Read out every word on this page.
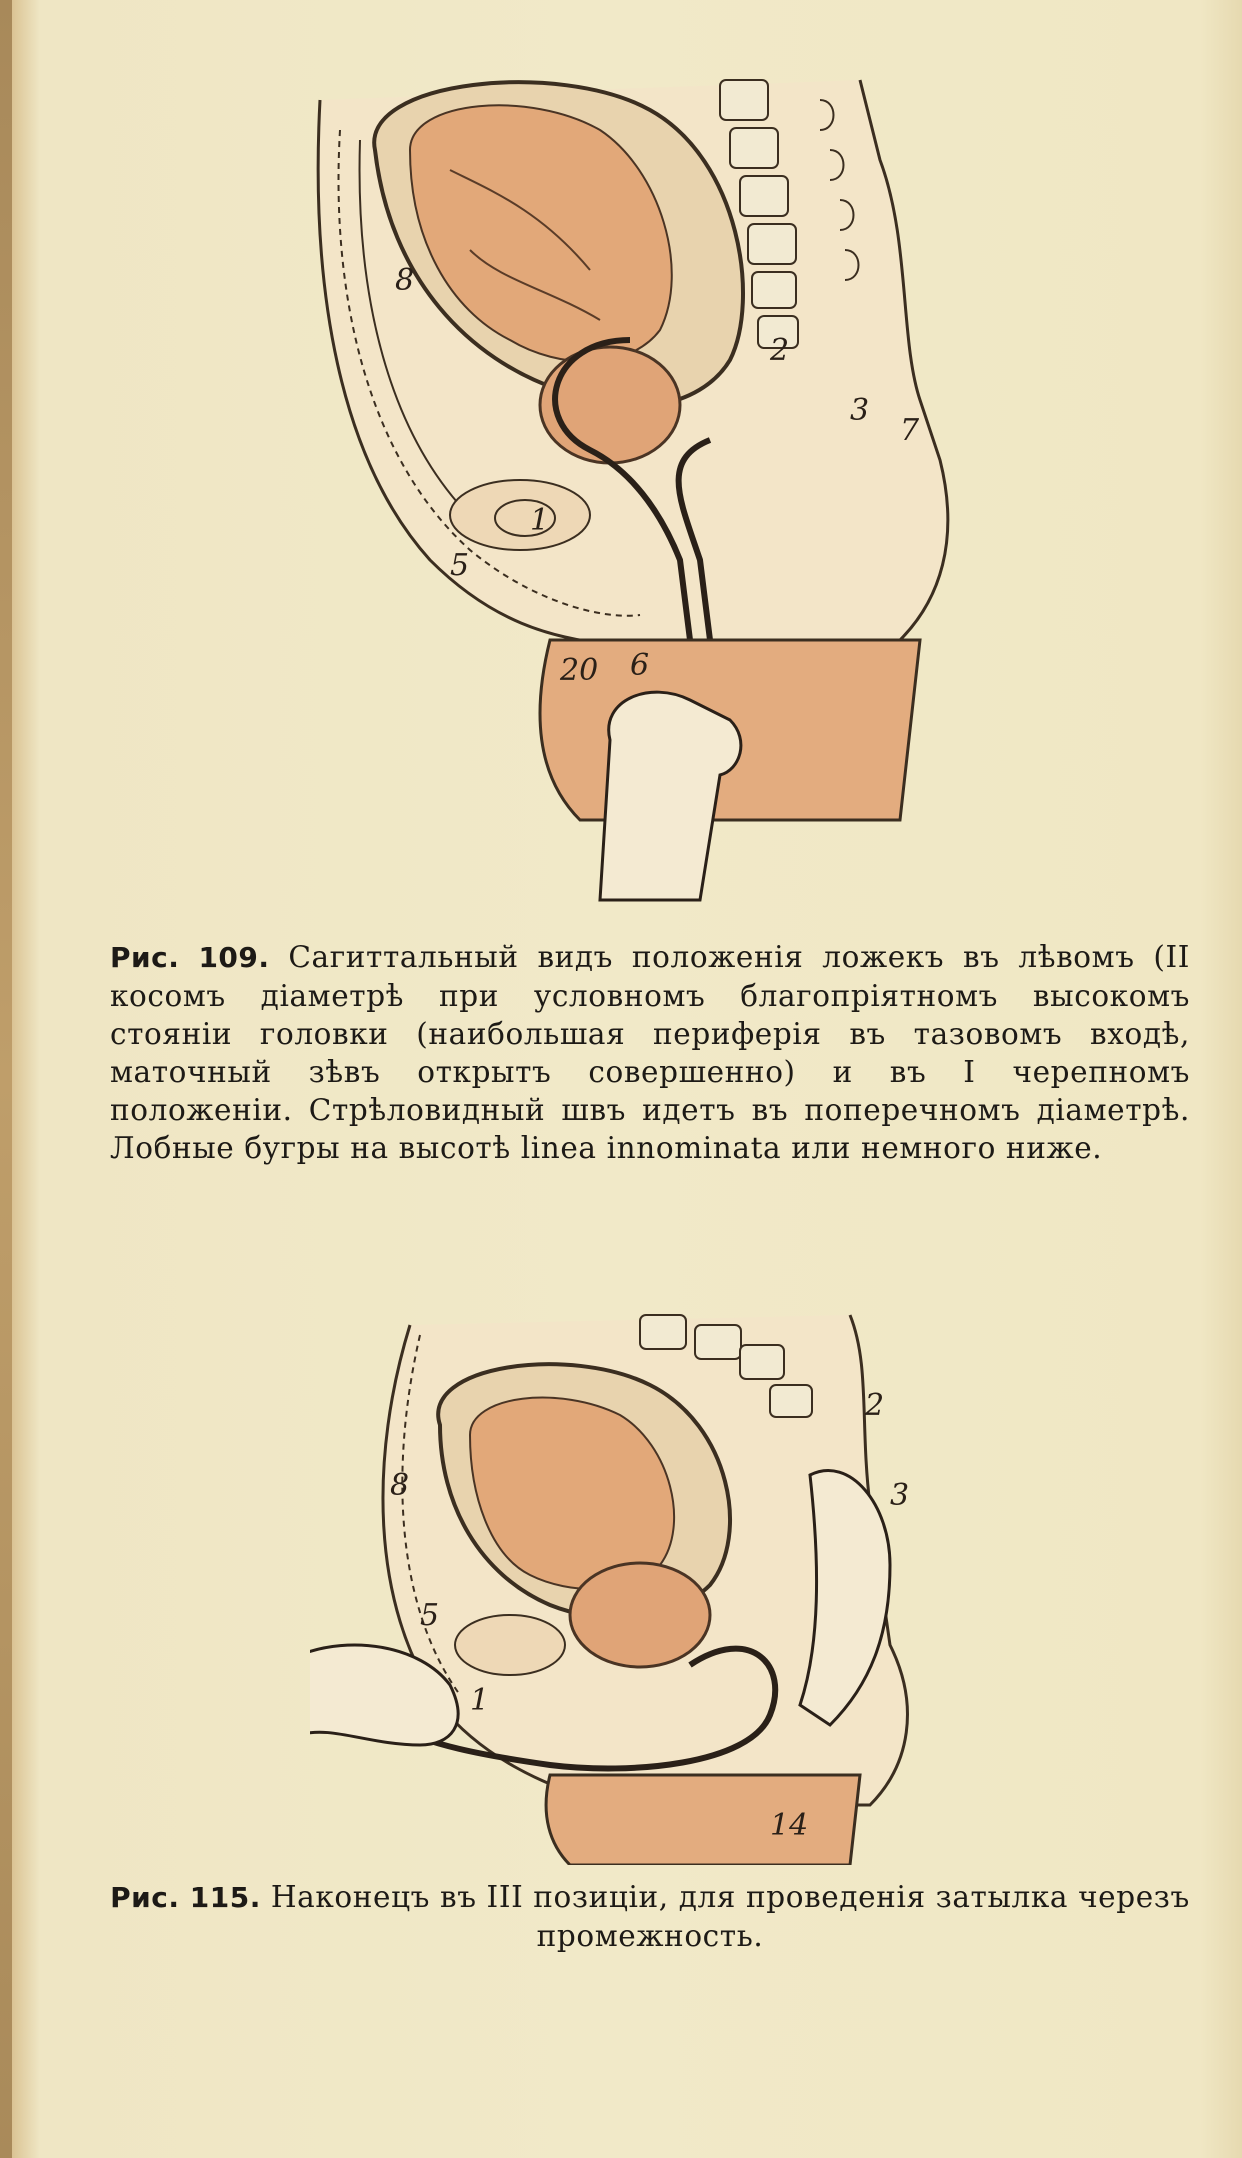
8
2
3
7
1
5
20 6
Рис. 109. Сагиттальный видъ положенія ложекъ въ лѣвомъ (II косомъ діаметрѣ при условномъ благопріятномъ высокомъ стояніи головки (наибольшая периферія въ тазовомъ входѣ, маточный зѣвъ открытъ совершенно) и въ I черепномъ положеніи. Стрѣловидный швъ идетъ въ поперечномъ діаметрѣ. Лобные бугры на высотѣ linea innominata или немного ниже.
2
8	3
5
1
14
Рис. 115. Наконецъ въ III позиціи, для проведенія затылка черезъ промежность.
